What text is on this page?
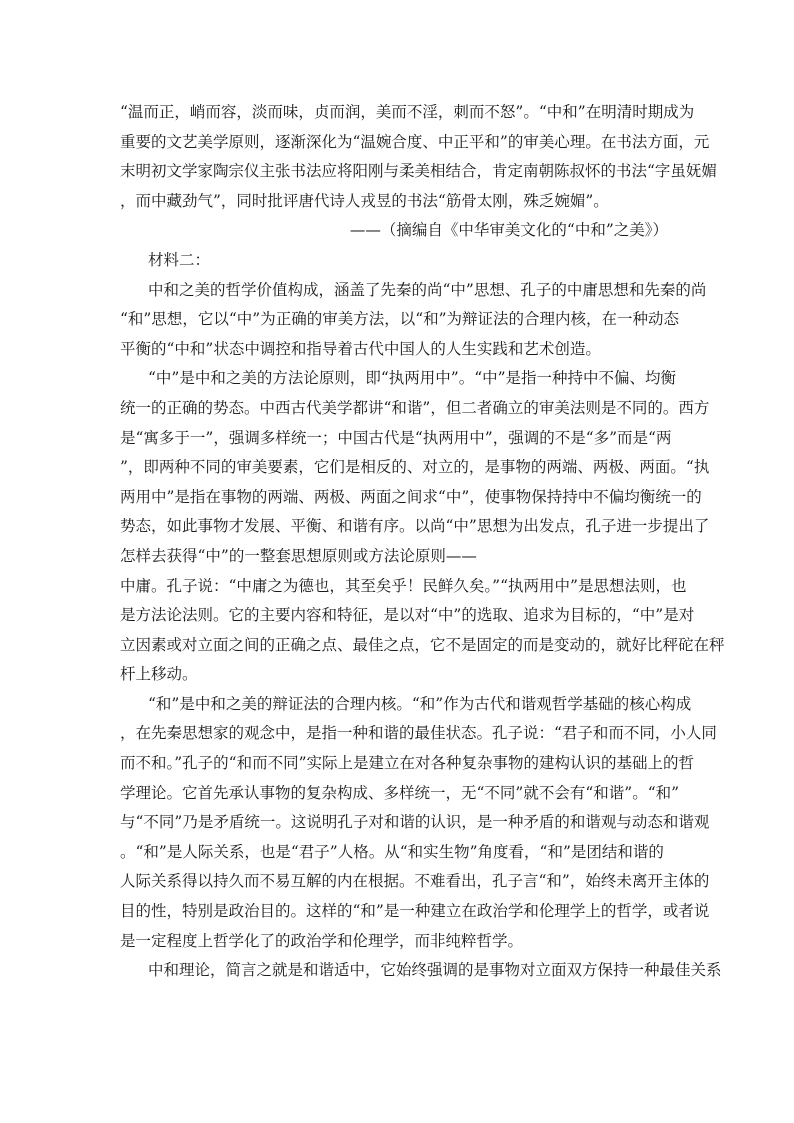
“温而正，峭而容，淡而味，贞而润，美而不淫，刺而不怒”。“中和”在明清时期成为
重要的文艺美学原则，逐渐深化为“温婉合度、中正平和”的审美心理。在书法方面，元
末明初文学家陶宗仪主张书法应将阳刚与柔美相结合，肯定南朝陈叔怀的书法“字虽妩媚
，而中藏劲气”，同时批评唐代诗人戎昱的书法“筋骨太刚，殊乏婉媚”。
——（摘编自《中华审美文化的“中和”之美》）
材料二：
中和之美的哲学价值构成，涵盖了先秦的尚“中”思想、孔子的中庸思想和先秦的尚
“和”思想，它以“中”为正确的审美方法，以“和”为辩证法的合理内核，在一种动态
平衡的“中和”状态中调控和指导着古代中国人的人生实践和艺术创造。
“中”是中和之美的方法论原则，即“执两用中”。“中”是指一种持中不偏、均衡
统一的正确的势态。中西古代美学都讲“和谐”，但二者确立的审美法则是不同的。西方
是“寓多于一”，强调多样统一；中国古代是“执两用中”，强调的不是“多”而是“两
”，即两种不同的审美要素，它们是相反的、对立的，是事物的两端、两极、两面。“执
两用中”是指在事物的两端、两极、两面之间求“中”，使事物保持持中不偏均衡统一的
势态，如此事物才发展、平衡、和谐有序。以尚“中”思想为出发点，孔子进一步提出了
怎样去获得“中”的一整套思想原则或方法论原则——
中庸。孔子说：“中庸之为德也，其至矣乎！民鲜久矣。”“执两用中”是思想法则，也
是方法论法则。它的主要内容和特征，是以对“中”的选取、追求为目标的，“中”是对
立因素或对立面之间的正确之点、最佳之点，它不是固定的而是变动的，就好比秤砣在秤
杆上移动。
“和”是中和之美的辩证法的合理内核。“和”作为古代和谐观哲学基础的核心构成
，在先秦思想家的观念中，是指一种和谐的最佳状态。孔子说：“君子和而不同，小人同
而不和。”孔子的“和而不同”实际上是建立在对各种复杂事物的建构认识的基础上的哲
学理论。它首先承认事物的复杂构成、多样统一，无“不同”就不会有“和谐”。“和”
与“不同”乃是矛盾统一。这说明孔子对和谐的认识，是一种矛盾的和谐观与动态和谐观
。“和”是人际关系，也是“君子”人格。从“和实生物”角度看，“和”是团结和谐的
人际关系得以持久而不易互解的内在根据。不难看出，孔子言“和”，始终未离开主体的
目的性，特别是政治目的。这样的“和”是一种建立在政治学和伦理学上的哲学，或者说
是一定程度上哲学化了的政治学和伦理学，而非纯粹哲学。
中和理论，简言之就是和谐适中，它始终强调的是事物对立面双方保持一种最佳关系
